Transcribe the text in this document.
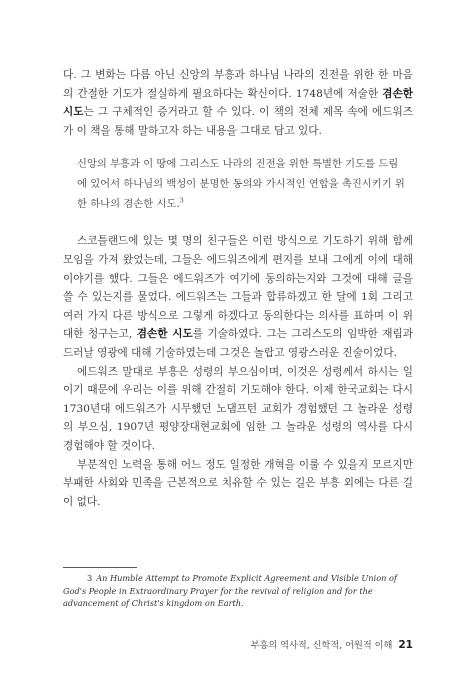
다. 그 변화는 다름 아닌 신앙의 부흥과 하나님 나라의 진전을 위한 한 마음의 간절한 기도가 절실하게 필요하다는 확신이다. 1748년에 저술한 겸손한 시도는 그 구체적인 증거라고 할 수 있다. 이 책의 전체 제목 속에 에드워즈가 이 책을 통해 말하고자 하는 내용을 그대로 담고 있다.

신앙의 부흥과 이 땅에 그리스도 나라의 진전을 위한 특별한 기도를 드림에 있어서 하나님의 백성이 분명한 동의와 가시적인 연합을 촉진시키기 위한 하나의 겸손한 시도.$^3$

스코틀랜드에 있는 몇 명의 친구들은 이런 방식으로 기도하기 위해 함께 모임을 가져 왔었는데, 그들은 에드워즈에게 편지를 보내 그에게 이에 대해 이야기를 했다. 그들은 에드워즈가 여기에 동의하는지와 그것에 대해 글을 쓸 수 있는지를 물었다. 에드워즈는 그들과 합류하겠고 한 달에 1회 그리고 여러 가지 다른 방식으로 그렇게 하겠다고 동의한다는 의사를 표하며 이 위대한 청구는고, 겸손한 시도를 기술하였다. 그는 그리스도의 임박한 재림과 드러날 영광에 대해 기술하였는데 그것은 놀랍고 영광스러운 진술이었다.

에드워즈 말대로 부흥은 성령의 부으심이며, 이것은 성령께서 하시는 일이기 때문에 우리는 이를 위해 간절히 기도해야 한다. 이제 한국교회는 다시 1730년대 에드워즈가 시무했던 노댐프턴 교회가 경험했던 그 놀라운 성령의 부으심, 1907년 평양장대현교회에 임한 그 놀라운 성령의 역사를 다시 경험해야 할 것이다.

부분적인 노력을 통해 어느 정도 일정한 개혁을 이룰 수 있을지 모르지만 부패한 사회와 민족을 근본적으로 치유할 수 있는 길은 부흥 외에는 다른 길이 없다.

3 An Humble Attempt to Promote Explicit Agreement and Visible Union of God's People in Extraordinary Prayer for the revival of religion and for the advancement of Christ's kingdom on Earth.

부흥의 역사적, 신학적, 어원적 이해 21
